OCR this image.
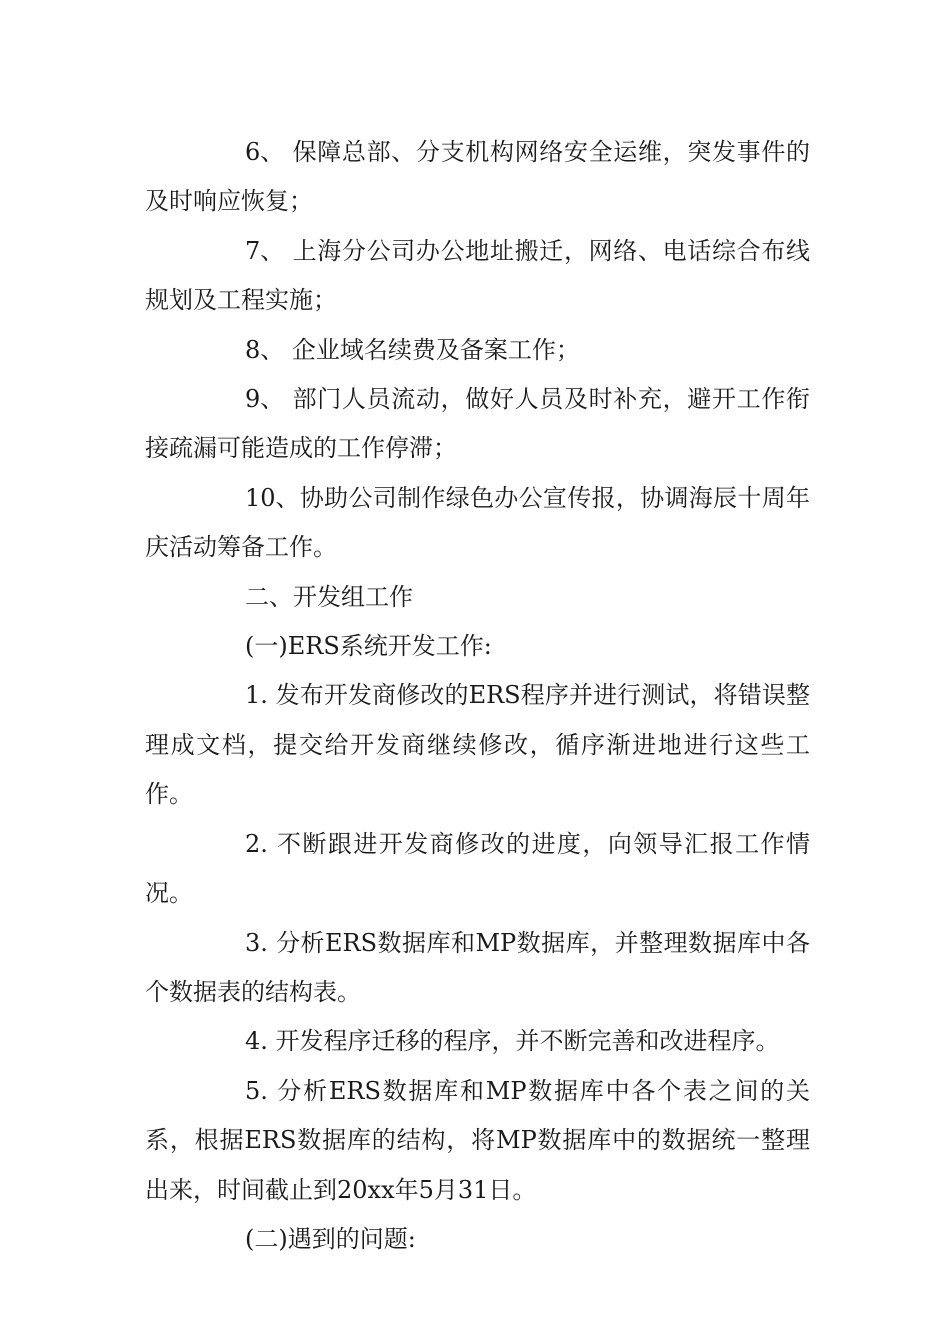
6、 保障总部、分支机构网络安全运维，突发事件的及时响应恢复；

7、 上海分公司办公地址搬迁，网络、电话综合布线规划及工程实施；

8、 企业域名续费及备案工作；

9、 部门人员流动，做好人员及时补充，避开工作衔接疏漏可能造成的工作停滞；

10、协助公司制作绿色办公宣传报，协调海辰十周年庆活动筹备工作。

二、开发组工作

(一)ERS系统开发工作:

1. 发布开发商修改的ERS程序并进行测试，将错误整理成文档，提交给开发商继续修改，循序渐进地进行这些工作。

2. 不断跟进开发商修改的进度，向领导汇报工作情况。

3. 分析ERS数据库和MP数据库，并整理数据库中各个数据表的结构表。

4. 开发程序迁移的程序，并不断完善和改进程序。

5. 分析ERS数据库和MP数据库中各个表之间的关系，根据ERS数据库的结构，将MP数据库中的数据统一整理出来，时间截止到20xx年5月31日。

(二)遇到的问题:
